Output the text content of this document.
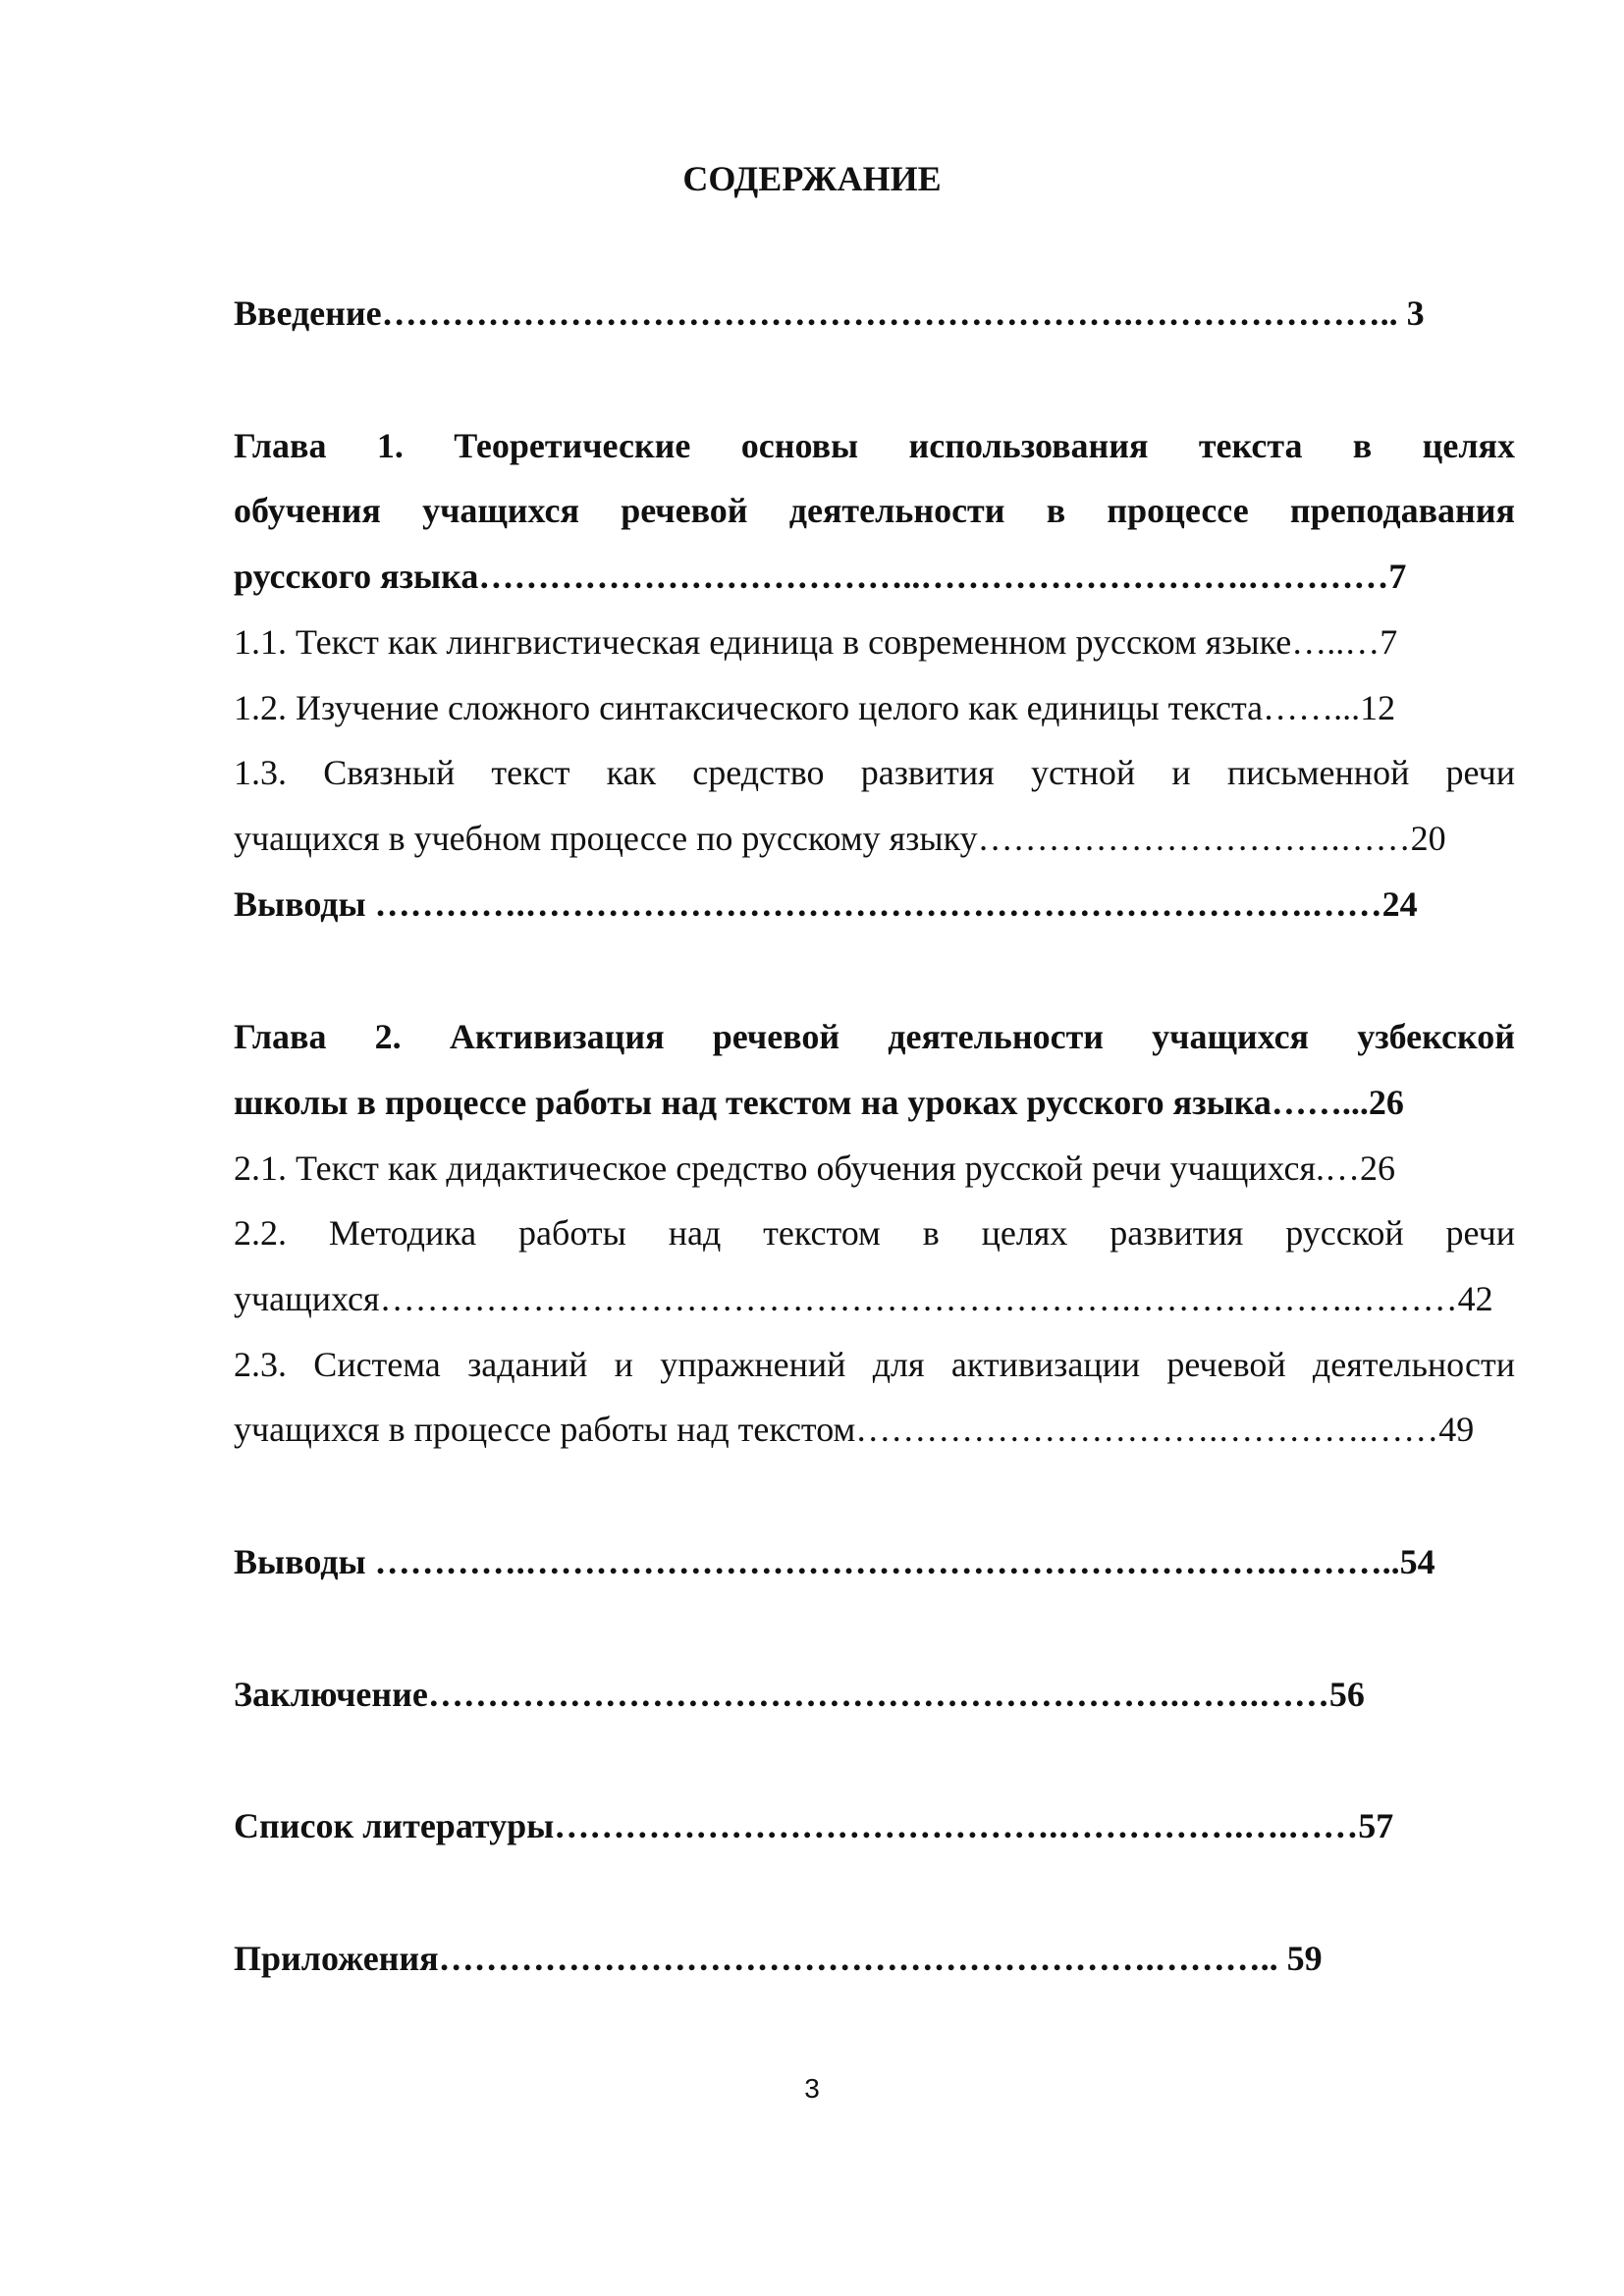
СОДЕРЖАНИЕ
Введение……………………………………………………….………………….. 3
Глава 1. Теоретические основы использования текста в целях
обучения учащихся речевой деятельности в процессе преподавания
русского языка………………………………..……………………….…………7
1.1. Текст как лингвистическая единица в современном русском языке…..…7
1.2. Изучение сложного синтаксического целого как единицы текста……...12
1.3. Связный текст как средство развития устной и письменной речи
учащихся в учебном процессе по русскому языку………………………….……20
Выводы ………….………………………………………………………….……24
Глава 2. Активизация речевой деятельности учащихся узбекской
школы в процессе работы над текстом на уроках русского языка……...26
2.1. Текст как дидактическое средство обучения русской речи учащихся.…26
2.2. Методика работы над текстом в целях развития русской речи
учащихся……………………………………………………….……………….………42
2.3. Система заданий и упражнений для активизации речевой деятельности
учащихся в процессе работы над текстом………………………….………….……49
Выводы ………….……………………………………………………….………..54
Заключение……………………………………………………….…….……56
Список литературы…………………………………….…………….….……57
Приложения…………………………………………………….……….. 59
3
